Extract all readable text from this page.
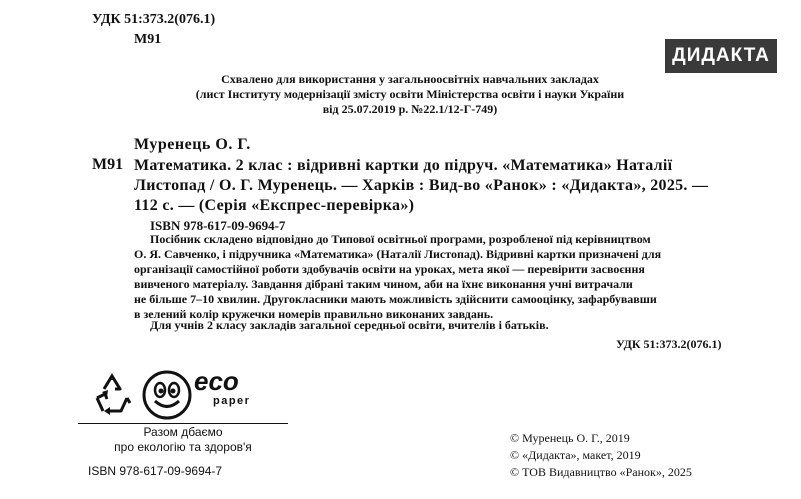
УДК 51:373.2(076.1)
М91
ДИДАКТА
Схвалено для використання у загальноосвітніх навчальних закладах
(лист Інституту модернізації змісту освіти Міністерства освіти і науки України
від 25.07.2019 р. №22.1/12-Г-749)
Муренець О. Г.
М91 Математика. 2 клас : відривні картки до підруч. «Математика» Наталії
Листопад / О. Г. Муренець. — Харків : Вид-во «Ранок» : «Дидакта», 2025. —
112 с. — (Серія «Експрес-перевірка»)
ISBN 978-617-09-9694-7
Посібник складено відповідно до Типової освітньої програми, розробленої під керівництвом
О. Я. Савченко, і підручника «Математика» (Наталії Листопад). Відривні картки призначені для
організації самостійної роботи здобувачів освіти на уроках, мета якої — перевірити засвоєння
вивченого матеріалу. Завдання дібрані таким чином, аби на їхнє виконання учні витрачали
не більше 7–10 хвилин. Другокласники мають можливість здійснити самооцінку, зафарбувавши
в зелений колір кружечки номерів правильно виконаних завдань.
Для учнів 2 класу закладів загальної середньої освіти, вчителів і батьків.
УДК 51:373.2(076.1)
eco
paper
Разом дбаємо
про екологію та здоров'я
ISBN 978-617-09-9694-7
© Муренець О. Г., 2019
© «Дидакта», макет, 2019
© ТОВ Видавництво «Ранок», 2025
